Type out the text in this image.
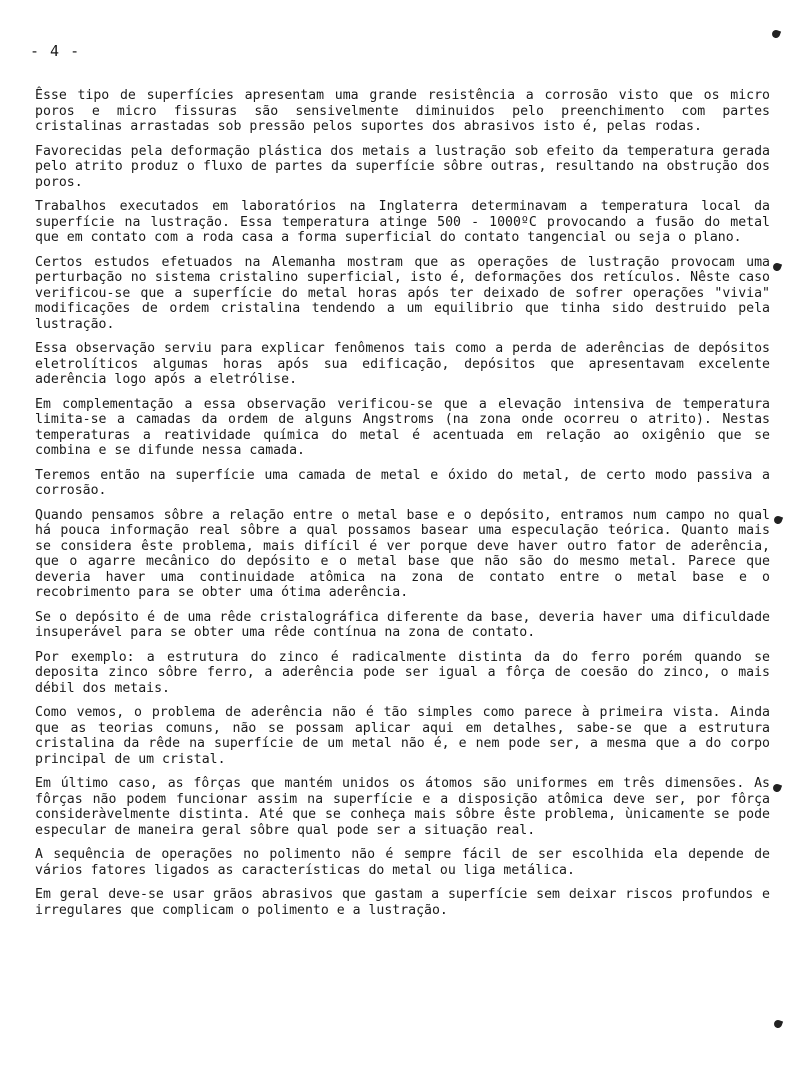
- 4 -

Êsse tipo de superfícies apresentam uma grande resistência a corrosão visto que os micro poros e micro fissuras são sensivelmente diminuidos pelo preenchimento com partes cristalinas arrastadas sob pressão pelos suportes dos abrasivos isto é, pelas rodas.

Favorecidas pela deformação plástica dos metais a lustração sob efeito da temperatura gerada pelo atrito produz o fluxo de partes da superfície sôbre outras, resultando na obstrução dos poros.

Trabalhos executados em laboratórios na Inglaterra determinavam a temperatura local da superfície na lustração. Essa temperatura atinge 500 - 1000ºC provocando a fusão do metal que em contato com a roda casa a forma superficial do contato tangencial ou seja o plano.

Certos estudos efetuados na Alemanha mostram que as operações de lustração provocam uma perturbação no sistema cristalino superficial, isto é, deformações dos retículos. Nêste caso verificou-se que a superfície do metal horas após ter deixado de sofrer operações "vivia" modificações de ordem cristalina tendendo a um equilibrio que tinha sido destruido pela lustração.

Essa observação serviu para explicar fenômenos tais como a perda de aderências de depósitos eletrolíticos algumas horas após sua edificação, depósitos que apresentavam excelente aderência logo após a eletrólise.

Em complementação a essa observação verificou-se que a elevação intensiva de temperatura limita-se a camadas da ordem de alguns Angstroms (na zona onde ocorreu o atrito). Nestas temperaturas a reatividade química do metal é acentuada em relação ao oxigênio que se combina e se difunde nessa camada.

Teremos então na superfície uma camada de metal e óxido do metal, de certo modo passiva a corrosão.

Quando pensamos sôbre a relação entre o metal base e o depósito, entramos num campo no qual há pouca informação real sôbre a qual possamos basear uma especulação teórica. Quanto mais se considera êste problema, mais difícil é ver porque deve haver outro fator de aderência, que o agarre mecânico do depósito e o metal base que não são do mesmo metal. Parece que deveria haver uma continuidade atômica na zona de contato entre o metal base e o recobrimento para se obter uma ótima aderência.

Se o depósito é de uma rêde cristalográfica diferente da base, deveria haver uma dificuldade insuperável para se obter uma rêde contínua na zona de contato.

Por exemplo: a estrutura do zinco é radicalmente distinta da do ferro porém quando se deposita zinco sôbre ferro, a aderência pode ser igual a fôrça de coesão do zinco, o mais débil dos metais.

Como vemos, o problema de aderência não é tão simples como parece à primeira vista. Ainda que as teorias comuns, não se possam aplicar aqui em detalhes, sabe-se que a estrutura cristalina da rêde na superfície de um metal não é, e nem pode ser, a mesma que a do corpo principal de um cristal.

Em último caso, as fôrças que mantém unidos os átomos são uniformes em três dimensões. As fôrças não podem funcionar assim na superfície e a disposição atômica deve ser, por fôrça consideràvelmente distinta. Até que se conheça mais sôbre êste problema, ùnicamente se pode especular de maneira geral sôbre qual pode ser a situação real.

A sequência de operações no polimento não é sempre fácil de ser escolhida ela depende de vários fatores ligados as características do metal ou liga metálica.

Em geral deve-se usar grãos abrasivos que gastam a superfície sem deixar riscos profundos e irregulares que complicam o polimento e a lustração.
